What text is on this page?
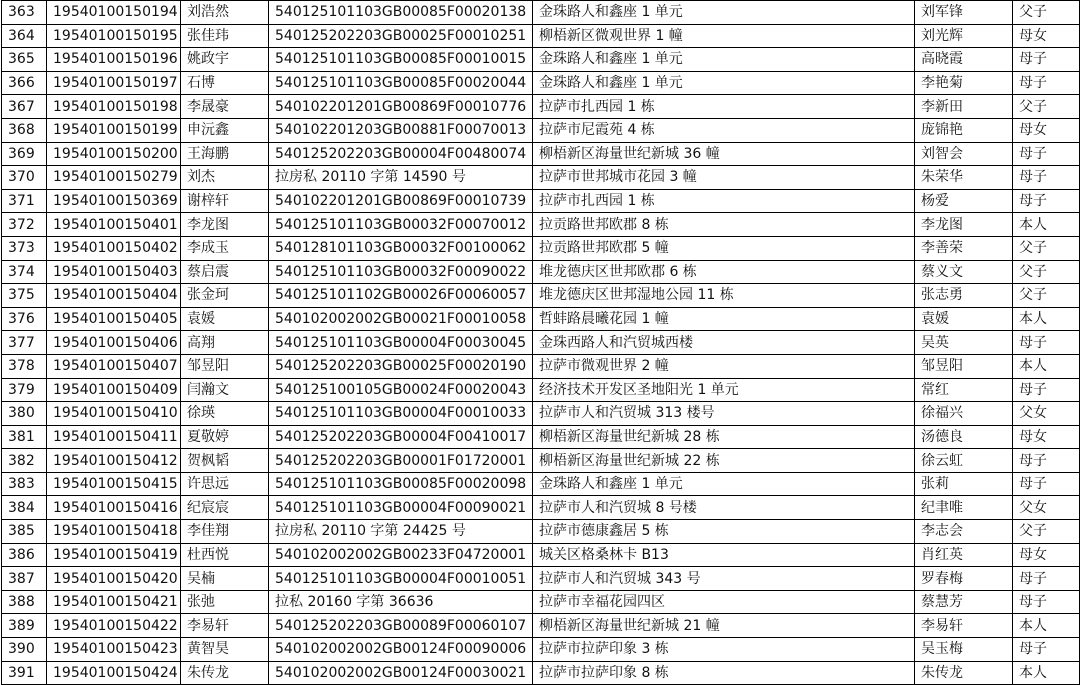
363	19540100150194	刘浩然	540125101103GB00085F00020138	金珠路人和鑫座 1 单元	刘军锋	父子
364	19540100150195	张佳玮	540125202203GB00025F00010251	柳梧新区微观世界 1 幢	刘光辉	母女
365	19540100150196	姚政宇	540125101103GB00085F00010015	金珠路人和鑫座 1 单元	高晓霞	母子
366	19540100150197	石博	540125101103GB00085F00020044	金珠路人和鑫座 1 单元	李艳菊	母子
367	19540100150198	李晟豪	540102201201GB00869F00010776	拉萨市扎西园 1 栋	李新田	父子
368	19540100150199	申沅鑫	540102201203GB00881F00070013	拉萨市尼霞苑 4 栋	庞锦艳	母女
369	19540100150200	王海鹏	540125202203GB00004F00480074	柳梧新区海量世纪新城 36 幢	刘智会	母子
370	19540100150279	刘杰	拉房私 20110 字第 14590 号	拉萨市世邦城市花园 3 幢	朱荣华	母子
371	19540100150369	谢梓轩	540102201201GB00869F00010739	拉萨市扎西园 1 栋	杨爱	母子
372	19540100150401	李龙图	540125101103GB00032F00070012	拉贡路世邦欧郡 8 栋	李龙图	本人
373	19540100150402	李成玉	540128101103GB00032F00100062	拉贡路世邦欧郡 5 幢	李善荣	父子
374	19540100150403	蔡启震	540125101103GB00032F00090022	堆龙德庆区世邦欧郡 6 栋	蔡义文	父子
375	19540100150404	张金珂	540125101102GB00026F00060057	堆龙德庆区世邦湿地公园 11 栋	张志勇	父子
376	19540100150405	袁媛	540102002002GB00021F00010058	哲蚌路晨曦花园 1 幢	袁媛	本人
377	19540100150406	高翔	540125101103GB00004F00030045	金珠西路人和汽贸城西楼	吴英	母子
378	19540100150407	邹昱阳	540125202203GB00025F00020190	拉萨市微观世界 2 幢	邹昱阳	本人
379	19540100150409	闫瀚文	540125100105GB00024F00020043	经济技术开发区圣地阳光 1 单元	常红	母子
380	19540100150410	徐瑛	540125101103GB00004F00010033	拉萨市人和汽贸城 313 楼号	徐福兴	父女
381	19540100150411	夏敬婷	540125202203GB00004F00410017	柳梧新区海量世纪新城 28 栋	汤德良	母女
382	19540100150412	贺枫韬	540125202203GB00001F01720001	柳梧新区海量世纪新城 22 栋	徐云虹	母子
383	19540100150415	许思远	540125101103GB00085F00020098	金珠路人和鑫座 1 单元	张莉	母子
384	19540100150416	纪宸宸	540125101103GB00004F00090021	拉萨市人和汽贸城 8 号楼	纪聿唯	父女
385	19540100150418	李佳翔	拉房私 20110 字第 24425 号	拉萨市德康鑫居 5 栋	李志会	父子
386	19540100150419	杜西悦	540102002002GB00233F04720001	城关区格桑林卡 B13	肖红英	母女
387	19540100150420	吴楠	540125101103GB00004F00010051	拉萨市人和汽贸城 343 号	罗春梅	母子
388	19540100150421	张弛	拉私 20160 字第 36636	拉萨市幸福花园四区	蔡慧芳	母子
389	19540100150422	李易轩	540125202203GB00089F00060107	柳梧新区海量世纪新城 21 幢	李易轩	本人
390	19540100150423	黄智昊	540102002002GB00124F00090006	拉萨市拉萨印象 3 栋	吴玉梅	母子
391	19540100150424	朱传龙	540102002002GB00124F00030021	拉萨市拉萨印象 8 栋	朱传龙	本人
